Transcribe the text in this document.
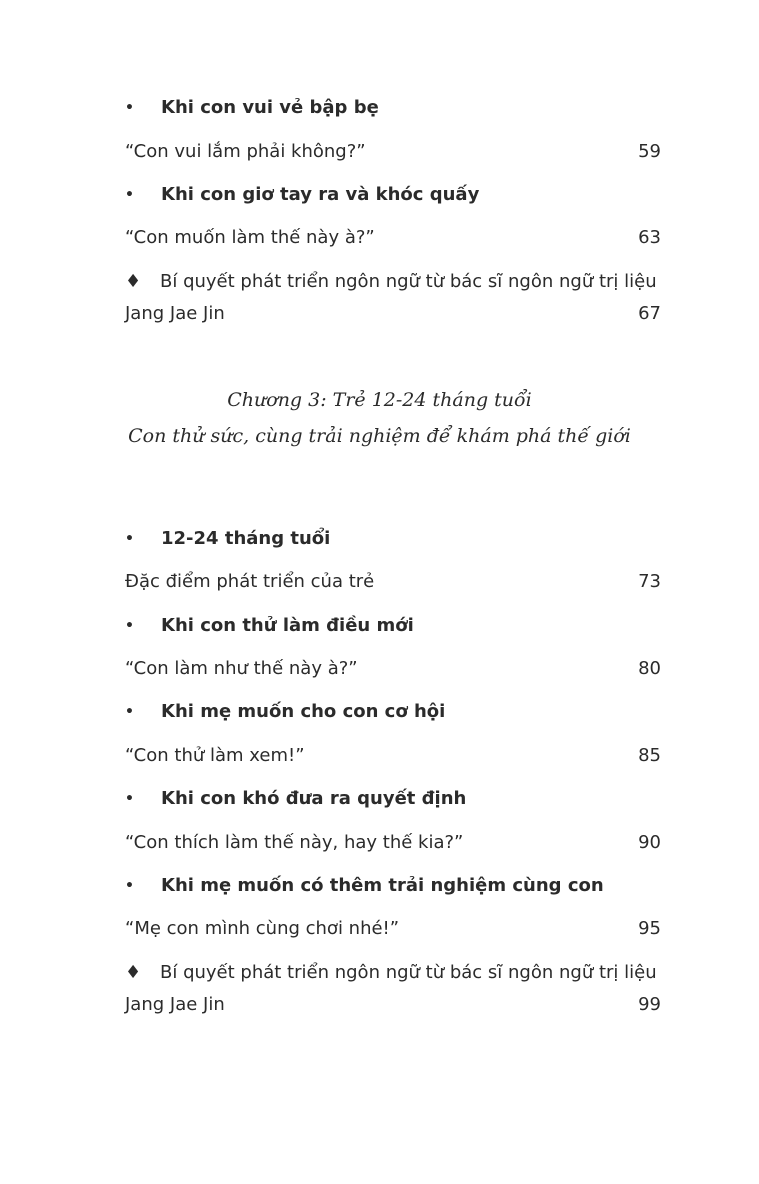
• Khi con vui vẻ bập bẹ
“Con vui lắm phải không?”	59
• Khi con giơ tay ra và khóc quấy
“Con muốn làm thế này à?”	63
♦ Bí quyết phát triển ngôn ngữ từ bác sĩ ngôn ngữ trị liệu
Jang Jae Jin	67
Chương 3: Trẻ 12-24 tháng tuổi
Con thử sức, cùng trải nghiệm để khám phá thế giới
• 12-24 tháng tuổi
Đặc điểm phát triển của trẻ	73
• Khi con thử làm điều mới
“Con làm như thế này à?”	80
• Khi mẹ muốn cho con cơ hội
“Con thử làm xem!”	85
• Khi con khó đưa ra quyết định
“Con thích làm thế này, hay thế kia?”	90
• Khi mẹ muốn có thêm trải nghiệm cùng con
“Mẹ con mình cùng chơi nhé!”	95
♦ Bí quyết phát triển ngôn ngữ từ bác sĩ ngôn ngữ trị liệu
Jang Jae Jin	99
